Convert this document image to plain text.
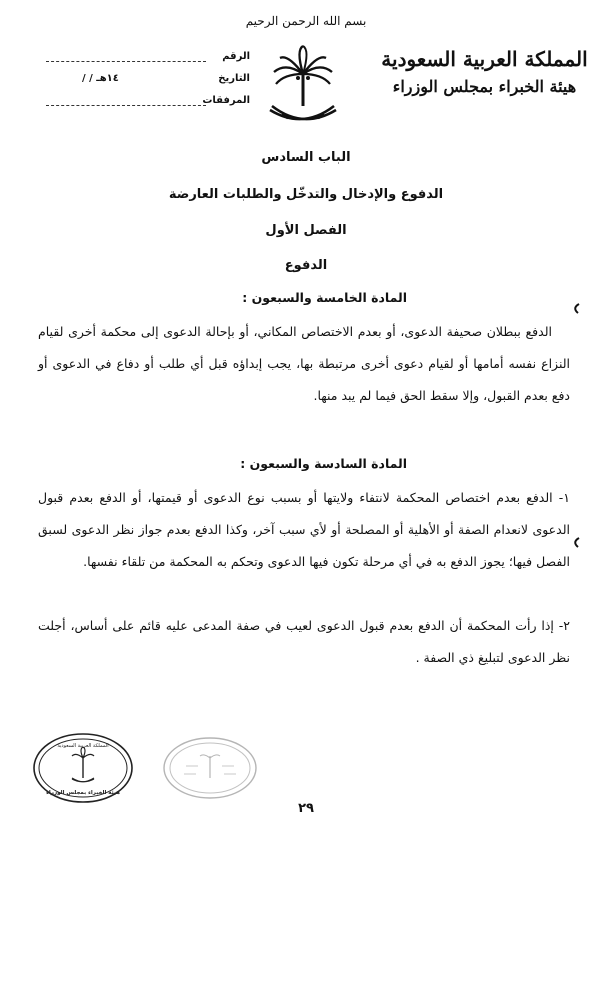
بسم الله الرحمن الرحيم
المملكة العربية السعودية
هيئة الخبراء بمجلس الوزراء
الرقم
التاريخ
/ / ١٤هـ
المرفقات
الباب السادس
الدفوع والإدخال والتدخّل والطلبات العارضة
الفصل الأول
الدفوع
المادة الخامسة والسبعون :
الدفع ببطلان صحيفة الدعوى، أو بعدم الاختصاص المكاني، أو بإحالة الدعوى إلى محكمة أخرى لقيام النزاع نفسه أمامها أو لقيام دعوى أخرى مرتبطة بها، يجب إبداؤه قبل أي طلب أو دفاع في الدعوى أو دفع بعدم القبول، وإلا سقط الحق فيما لم يبد منها.
المادة السادسة والسبعون :
١- الدفع بعدم اختصاص المحكمة لانتفاء ولايتها أو بسبب نوع الدعوى أو قيمتها، أو الدفع بعدم قبول الدعوى لانعدام الصفة أو الأهلية أو المصلحة أو لأي سبب آخر، وكذا الدفع بعدم جواز نظر الدعوى لسبق الفصل فيها؛ يجوز الدفع به في أي مرحلة تكون فيها الدعوى وتحكم به المحكمة من تلقاء نفسها.
٢- إذا رأت المحكمة أن الدفع بعدم قبول الدعوى لعيب في صفة المدعى عليه قائم على أساس، أجلت نظر الدعوى لتبليغ ذي الصفة .
المملكة العربية السعودية
هيئة الخبراء بمجلس الوزراء
٢٩
